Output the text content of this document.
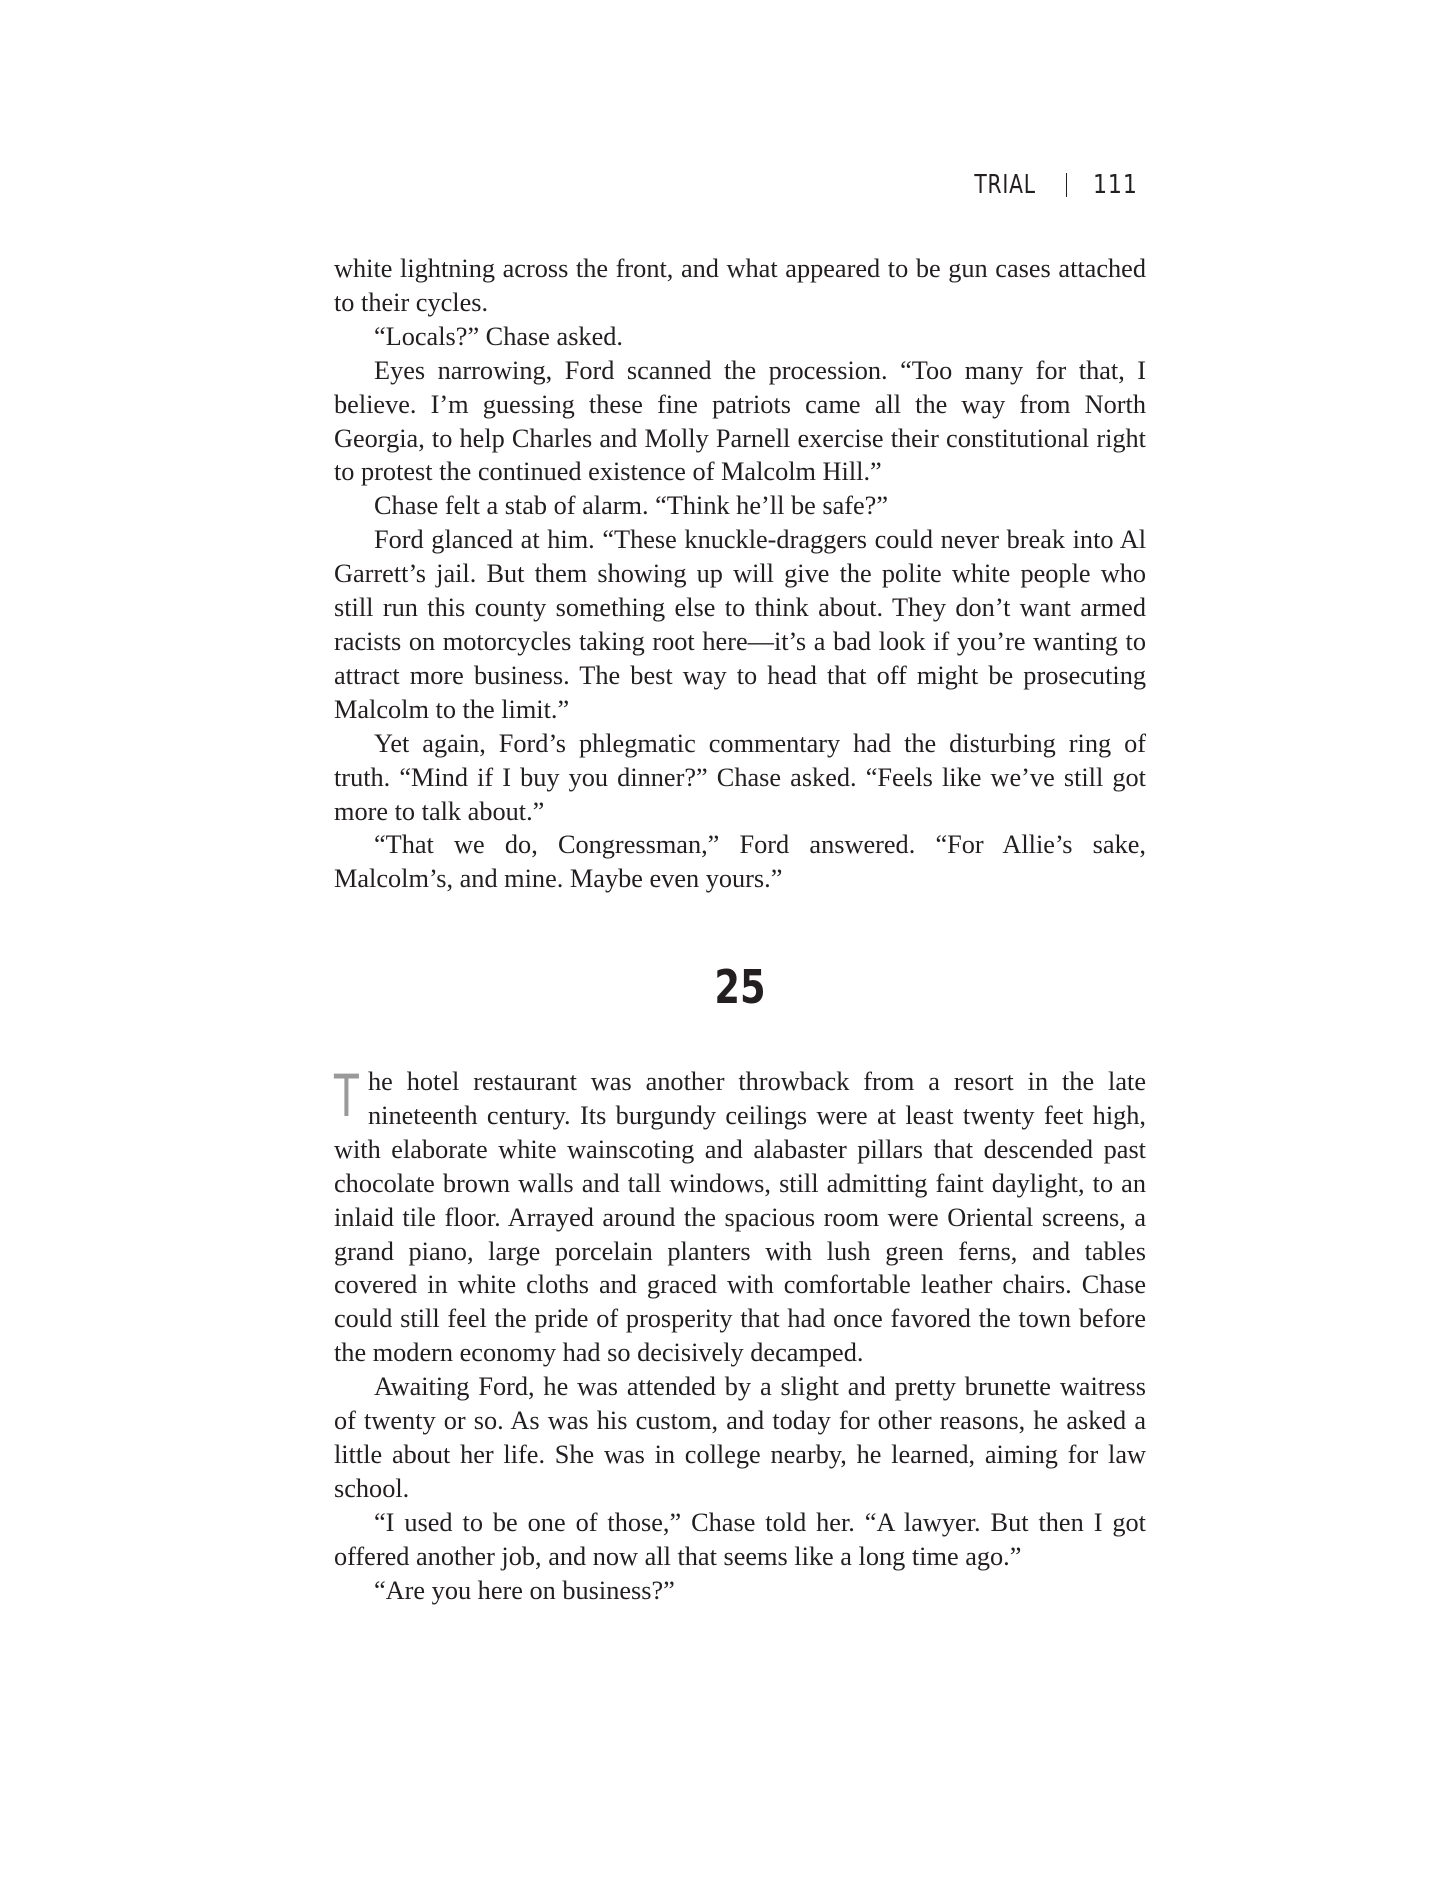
TRIAL 111

white lightning across the front, and what appeared to be gun cases attached to their cycles.

“Locals?” Chase asked.

Eyes narrowing, Ford scanned the procession. “Too many for that, I believe. I’m guessing these fine patriots came all the way from North Georgia, to help Charles and Molly Parnell exercise their constitutional right to protest the continued existence of Malcolm Hill.”

Chase felt a stab of alarm. “Think he’ll be safe?”

Ford glanced at him. “These knuckle-draggers could never break into Al Garrett’s jail. But them showing up will give the polite white people who still run this county something else to think about. They don’t want armed racists on motorcycles taking root here—it’s a bad look if you’re wanting to attract more business. The best way to head that off might be prosecuting Malcolm to the limit.”

Yet again, Ford’s phlegmatic commentary had the disturbing ring of truth. “Mind if I buy you dinner?” Chase asked. “Feels like we’ve still got more to talk about.”

“That we do, Congressman,” Ford answered. “For Allie’s sake, Malcolm’s, and mine. Maybe even yours.”

25

The hotel restaurant was another throwback from a resort in the late nineteenth century. Its burgundy ceilings were at least twenty feet high, with elaborate white wainscoting and alabaster pillars that descended past chocolate brown walls and tall windows, still admitting faint daylight, to an inlaid tile floor. Arrayed around the spacious room were Oriental screens, a grand piano, large porcelain planters with lush green ferns, and tables covered in white cloths and graced with comfortable leather chairs. Chase could still feel the pride of prosperity that had once favored the town before the modern economy had so decisively decamped.

Awaiting Ford, he was attended by a slight and pretty brunette waitress of twenty or so. As was his custom, and today for other reasons, he asked a little about her life. She was in college nearby, he learned, aiming for law school.

“I used to be one of those,” Chase told her. “A lawyer. But then I got offered another job, and now all that seems like a long time ago.”

“Are you here on business?”
